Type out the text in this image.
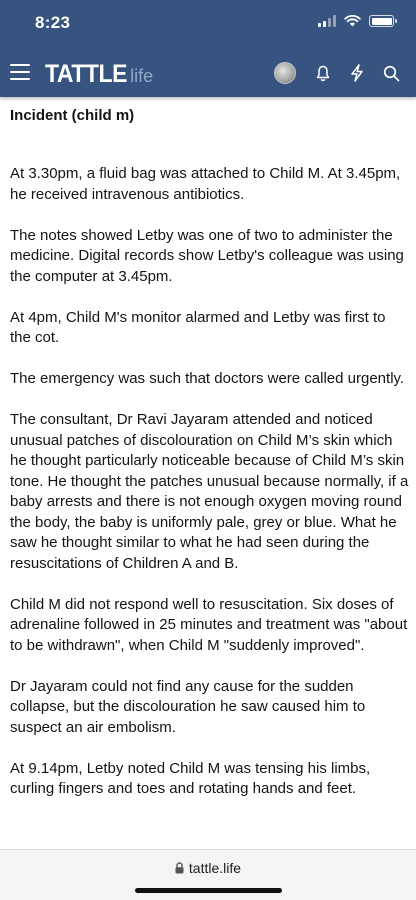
8:23
TATTLE life
Incident (child m)

At 3.30pm, a fluid bag was attached to Child M. At 3.45pm, he received intravenous antibiotics.

The notes showed Letby was one of two to administer the medicine. Digital records show Letby's colleague was using the computer at 3.45pm.

At 4pm, Child M's monitor alarmed and Letby was first to the cot.

The emergency was such that doctors were called urgently.

The consultant, Dr Ravi Jayaram attended and noticed unusual patches of discolouration on Child M’s skin which he thought particularly noticeable because of Child M’s skin tone. He thought the patches unusual because normally, if a baby arrests and there is not enough oxygen moving round the body, the baby is uniformly pale, grey or blue. What he saw he thought similar to what he had seen during the resuscitations of Children A and B.

Child M did not respond well to resuscitation. Six doses of adrenaline followed in 25 minutes and treatment was "about to be withdrawn", when Child M "suddenly improved".

Dr Jayaram could not find any cause for the sudden collapse, but the discolouration he saw caused him to suspect an air embolism.

At 9.14pm, Letby noted Child M was tensing his limbs, curling fingers and toes and rotating hands and feet.

tattle.life
